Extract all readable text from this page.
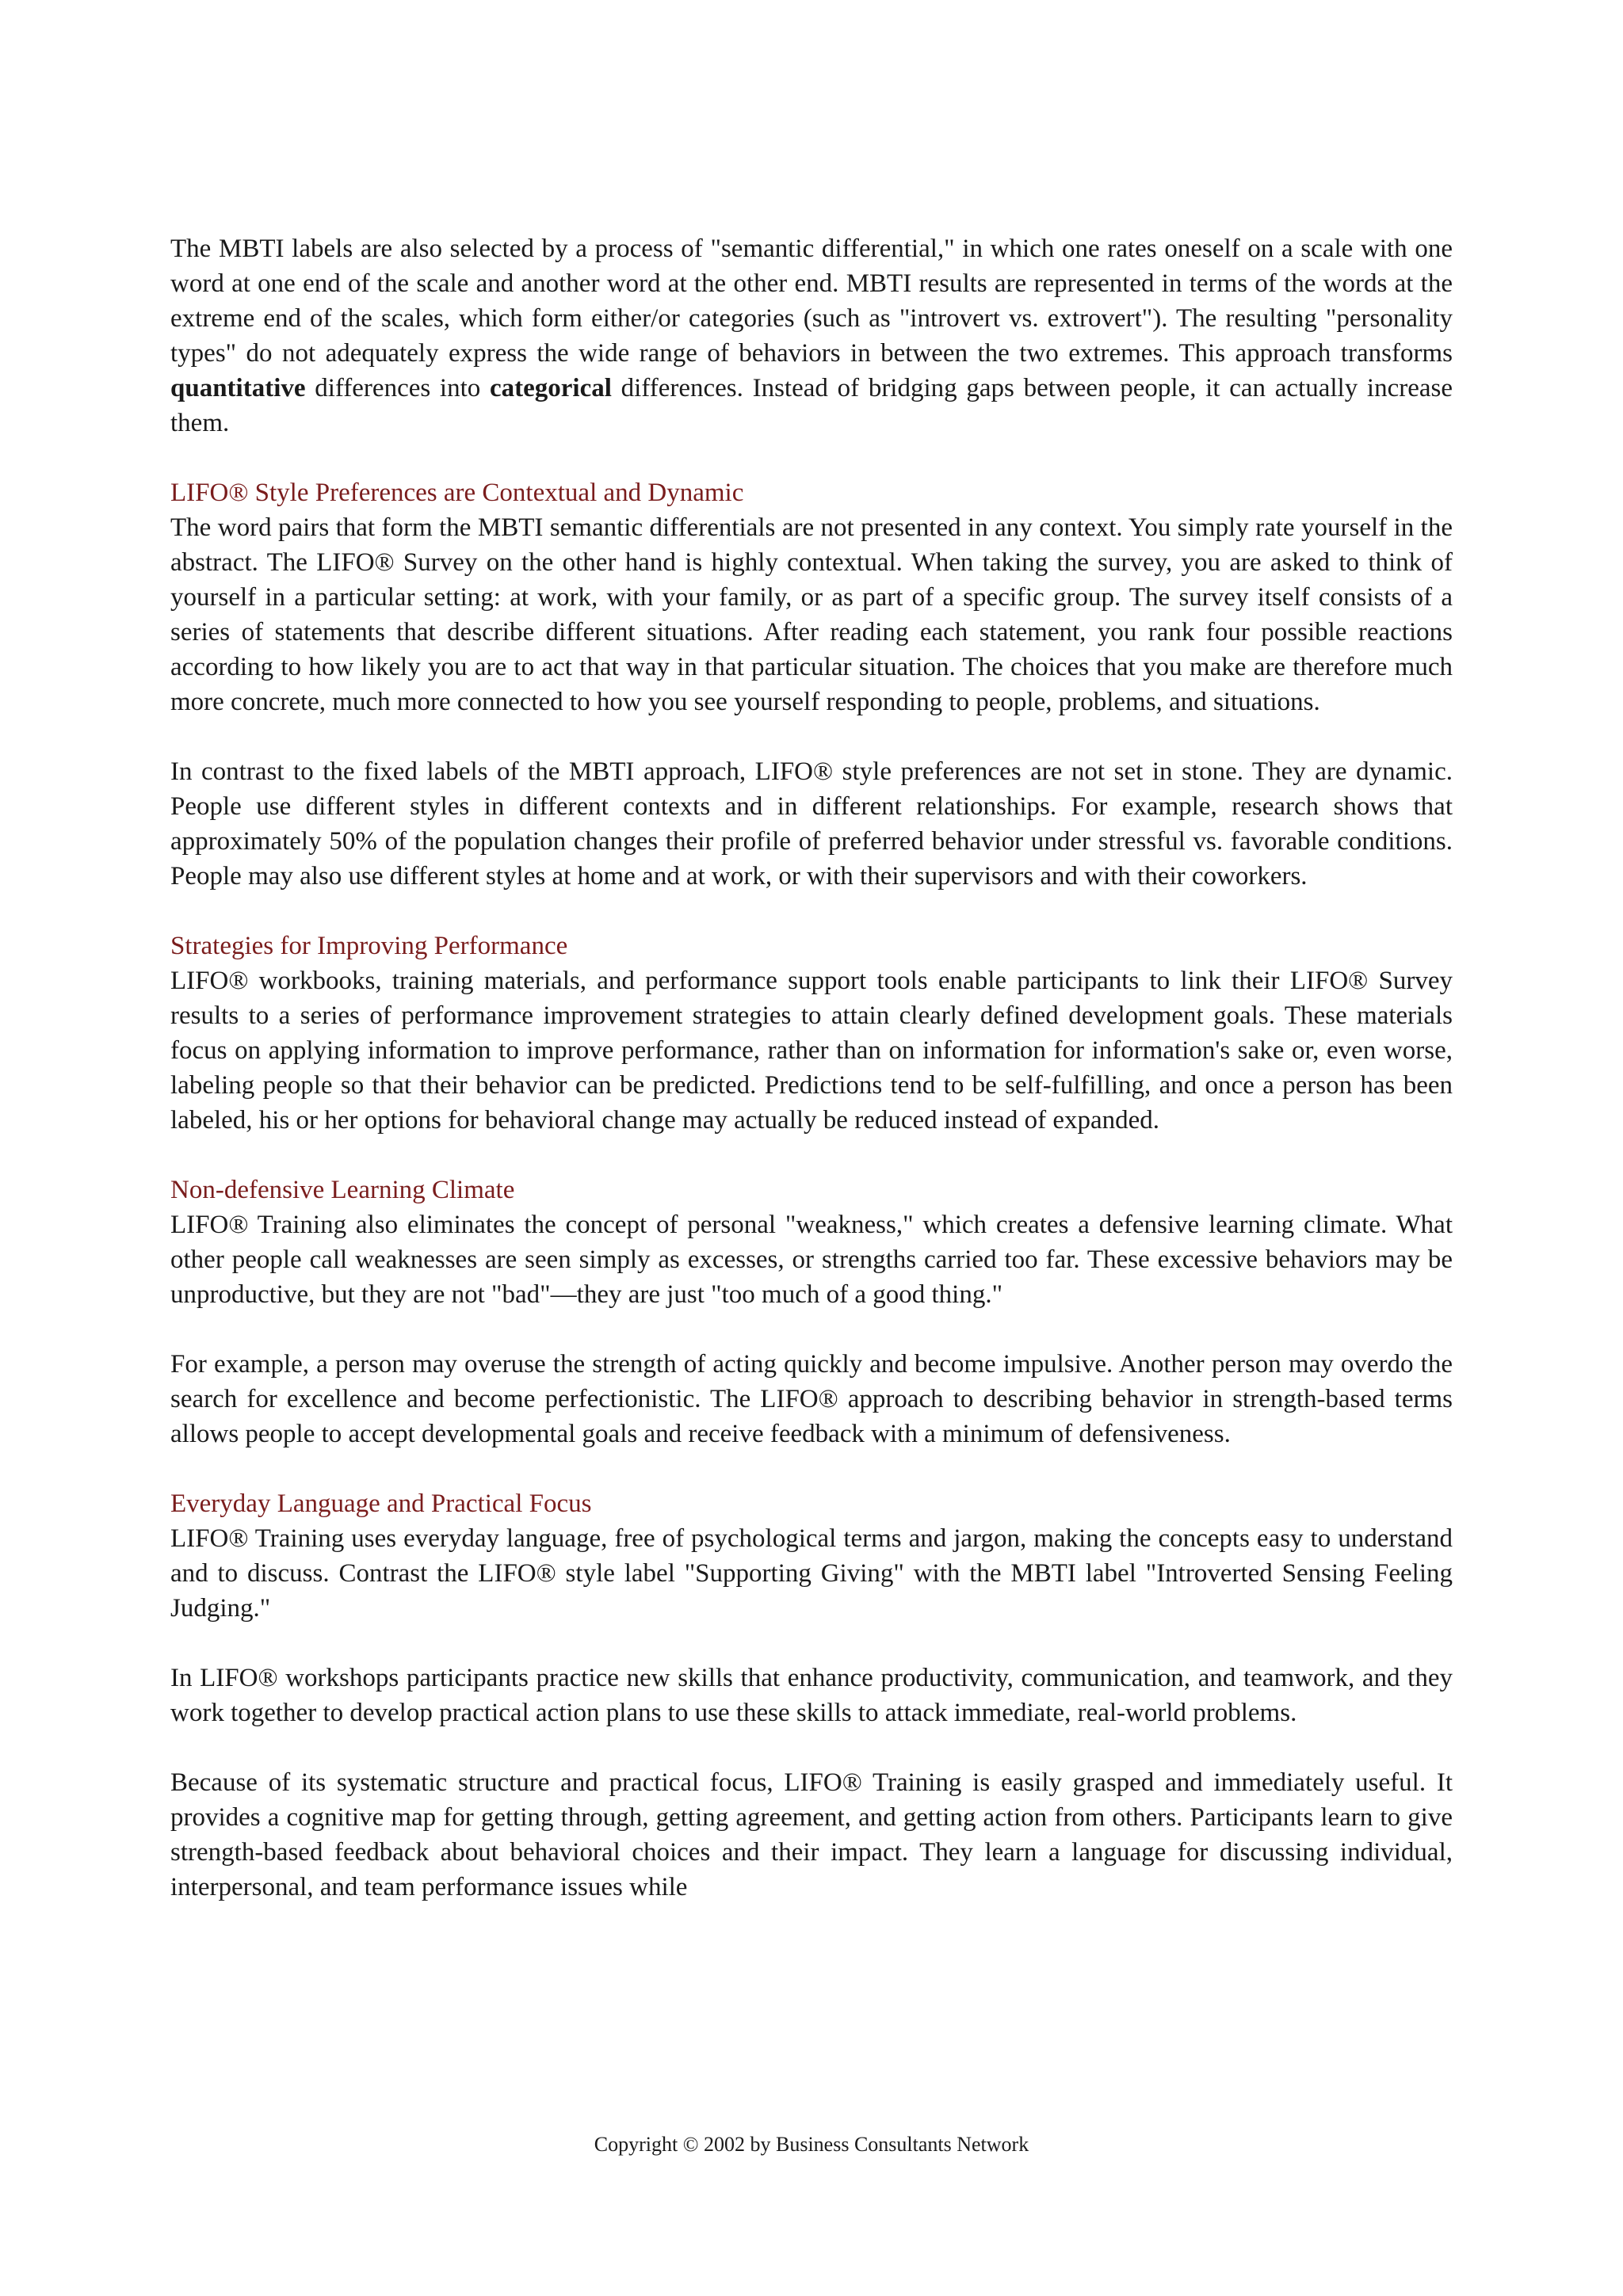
The MBTI labels are also selected by a process of "semantic differential," in which one rates oneself on a scale with one word at one end of the scale and another word at the other end. MBTI results are represented in terms of the words at the extreme end of the scales, which form either/or categories (such as "introvert vs. extrovert"). The resulting "personality types" do not adequately express the wide range of behaviors in between the two extremes. This approach transforms quantitative differences into categorical differences. Instead of bridging gaps between people, it can actually increase them.

LIFO® Style Preferences are Contextual and Dynamic

The word pairs that form the MBTI semantic differentials are not presented in any context. You simply rate yourself in the abstract. The LIFO® Survey on the other hand is highly contextual. When taking the survey, you are asked to think of yourself in a particular setting: at work, with your family, or as part of a specific group. The survey itself consists of a series of statements that describe different situations. After reading each statement, you rank four possible reactions according to how likely you are to act that way in that particular situation. The choices that you make are therefore much more concrete, much more connected to how you see yourself responding to people, problems, and situations.

In contrast to the fixed labels of the MBTI approach, LIFO® style preferences are not set in stone. They are dynamic. People use different styles in different contexts and in different relationships. For example, research shows that approximately 50% of the population changes their profile of preferred behavior under stressful vs. favorable conditions. People may also use different styles at home and at work, or with their supervisors and with their coworkers.

Strategies for Improving Performance

LIFO® workbooks, training materials, and performance support tools enable participants to link their LIFO® Survey results to a series of performance improvement strategies to attain clearly defined development goals. These materials focus on applying information to improve performance, rather than on information for information's sake or, even worse, labeling people so that their behavior can be predicted. Predictions tend to be self-fulfilling, and once a person has been labeled, his or her options for behavioral change may actually be reduced instead of expanded.

Non-defensive Learning Climate

LIFO® Training also eliminates the concept of personal "weakness," which creates a defensive learning climate. What other people call weaknesses are seen simply as excesses, or strengths carried too far. These excessive behaviors may be unproductive, but they are not "bad"—they are just "too much of a good thing."

For example, a person may overuse the strength of acting quickly and become impulsive. Another person may overdo the search for excellence and become perfectionistic. The LIFO® approach to describing behavior in strength-based terms allows people to accept developmental goals and receive feedback with a minimum of defensiveness.

Everyday Language and Practical Focus

LIFO® Training uses everyday language, free of psychological terms and jargon, making the concepts easy to understand and to discuss. Contrast the LIFO® style label "Supporting Giving" with the MBTI label "Introverted Sensing Feeling Judging."

In LIFO® workshops participants practice new skills that enhance productivity, communication, and teamwork, and they work together to develop practical action plans to use these skills to attack immediate, real-world problems.

Because of its systematic structure and practical focus, LIFO® Training is easily grasped and immediately useful. It provides a cognitive map for getting through, getting agreement, and getting action from others. Participants learn to give strength-based feedback about behavioral choices and their impact. They learn a language for discussing individual, interpersonal, and team performance issues while

Copyright © 2002 by Business Consultants Network
